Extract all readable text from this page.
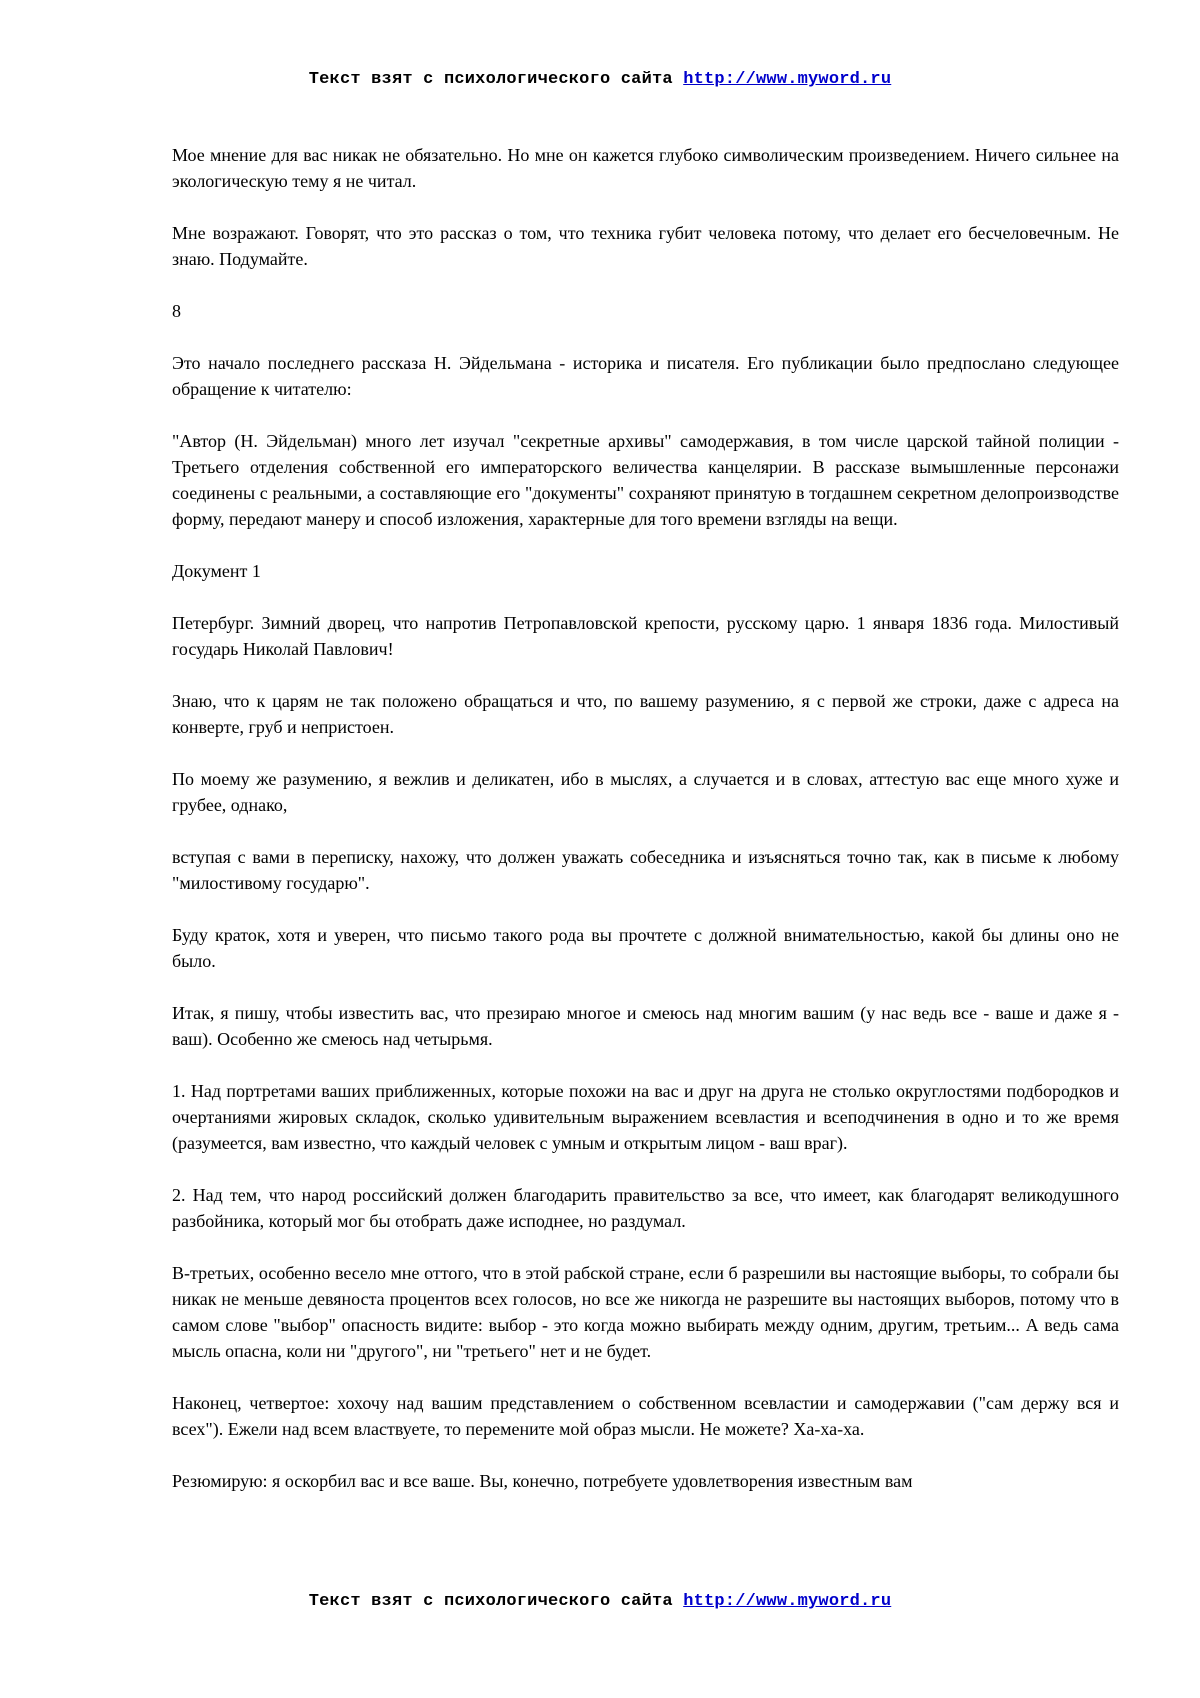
Текст взят с психологического сайта http://www.myword.ru

Мое мнение для вас никак не обязательно. Но мне он кажется глубоко символическим произведением. Ничего сильнее на экологическую тему я не читал.

Мне возражают. Говорят, что это рассказ о том, что техника губит человека потому, что делает его бесчеловечным. Не знаю. Подумайте.

8

Это начало последнего рассказа Н. Эйдельмана - историка и писателя. Его публикации было предпослано следующее обращение к читателю:

"Автор (Н. Эйдельман) много лет изучал "секретные архивы" самодержавия, в том числе царской тайной полиции - Третьего отделения собственной его императорского величества канцелярии. В рассказе вымышленные персонажи соединены с реальными, а составляющие его "документы" сохраняют принятую в тогдашнем секретном делопроизводстве форму, передают манеру и способ изложения, характерные для того времени взгляды на вещи.

Документ 1

Петербург. Зимний дворец, что напротив Петропавловской крепости, русскому царю. 1 января 1836 года. Милостивый государь Николай Павлович!

Знаю, что к царям не так положено обращаться и что, по вашему разумению, я с первой же строки, даже с адреса на конверте, груб и непристоен.

По моему же разумению, я вежлив и деликатен, ибо в мыслях, а случается и в словах, аттестую вас еще много хуже и грубее, однако,

вступая с вами в переписку, нахожу, что должен уважать собеседника и изъясняться точно так, как в письме к любому "милостивому государю".

Буду краток, хотя и уверен, что письмо такого рода вы прочтете с должной внимательностью, какой бы длины оно не было.

Итак, я пишу, чтобы известить вас, что презираю многое и смеюсь над многим вашим (у нас ведь все - ваше и даже я - ваш). Особенно же смеюсь над четырьмя.

1. Над портретами ваших приближенных, которые похожи на вас и друг на друга не столько округлостями подбородков и очертаниями жировых складок, сколько удивительным выражением всевластия и всеподчинения в одно и то же время (разумеется, вам известно, что каждый человек с умным и открытым лицом - ваш враг).

2. Над тем, что народ российский должен благодарить правительство за все, что имеет, как благодарят великодушного разбойника, который мог бы отобрать даже исподнее, но раздумал.

В-третьих, особенно весело мне оттого, что в этой рабской стране, если б разрешили вы настоящие выборы, то собрали бы никак не меньше девяноста процентов всех голосов, но все же никогда не разрешите вы настоящих выборов, потому что в самом слове "выбор" опасность видите: выбор - это когда можно выбирать между одним, другим, третьим... А ведь сама мысль опасна, коли ни "другого", ни "третьего" нет и не будет.

Наконец, четвертое: хохочу над вашим представлением о собственном всевластии и самодержавии ("сам держу вся и всех"). Ежели над всем властвуете, то перемените мой образ мысли. Не можете? Ха-ха-ха.

Резюмирую: я оскорбил вас и все ваше. Вы, конечно, потребуете удовлетворения известным вам

Текст взят с психологического сайта http://www.myword.ru
